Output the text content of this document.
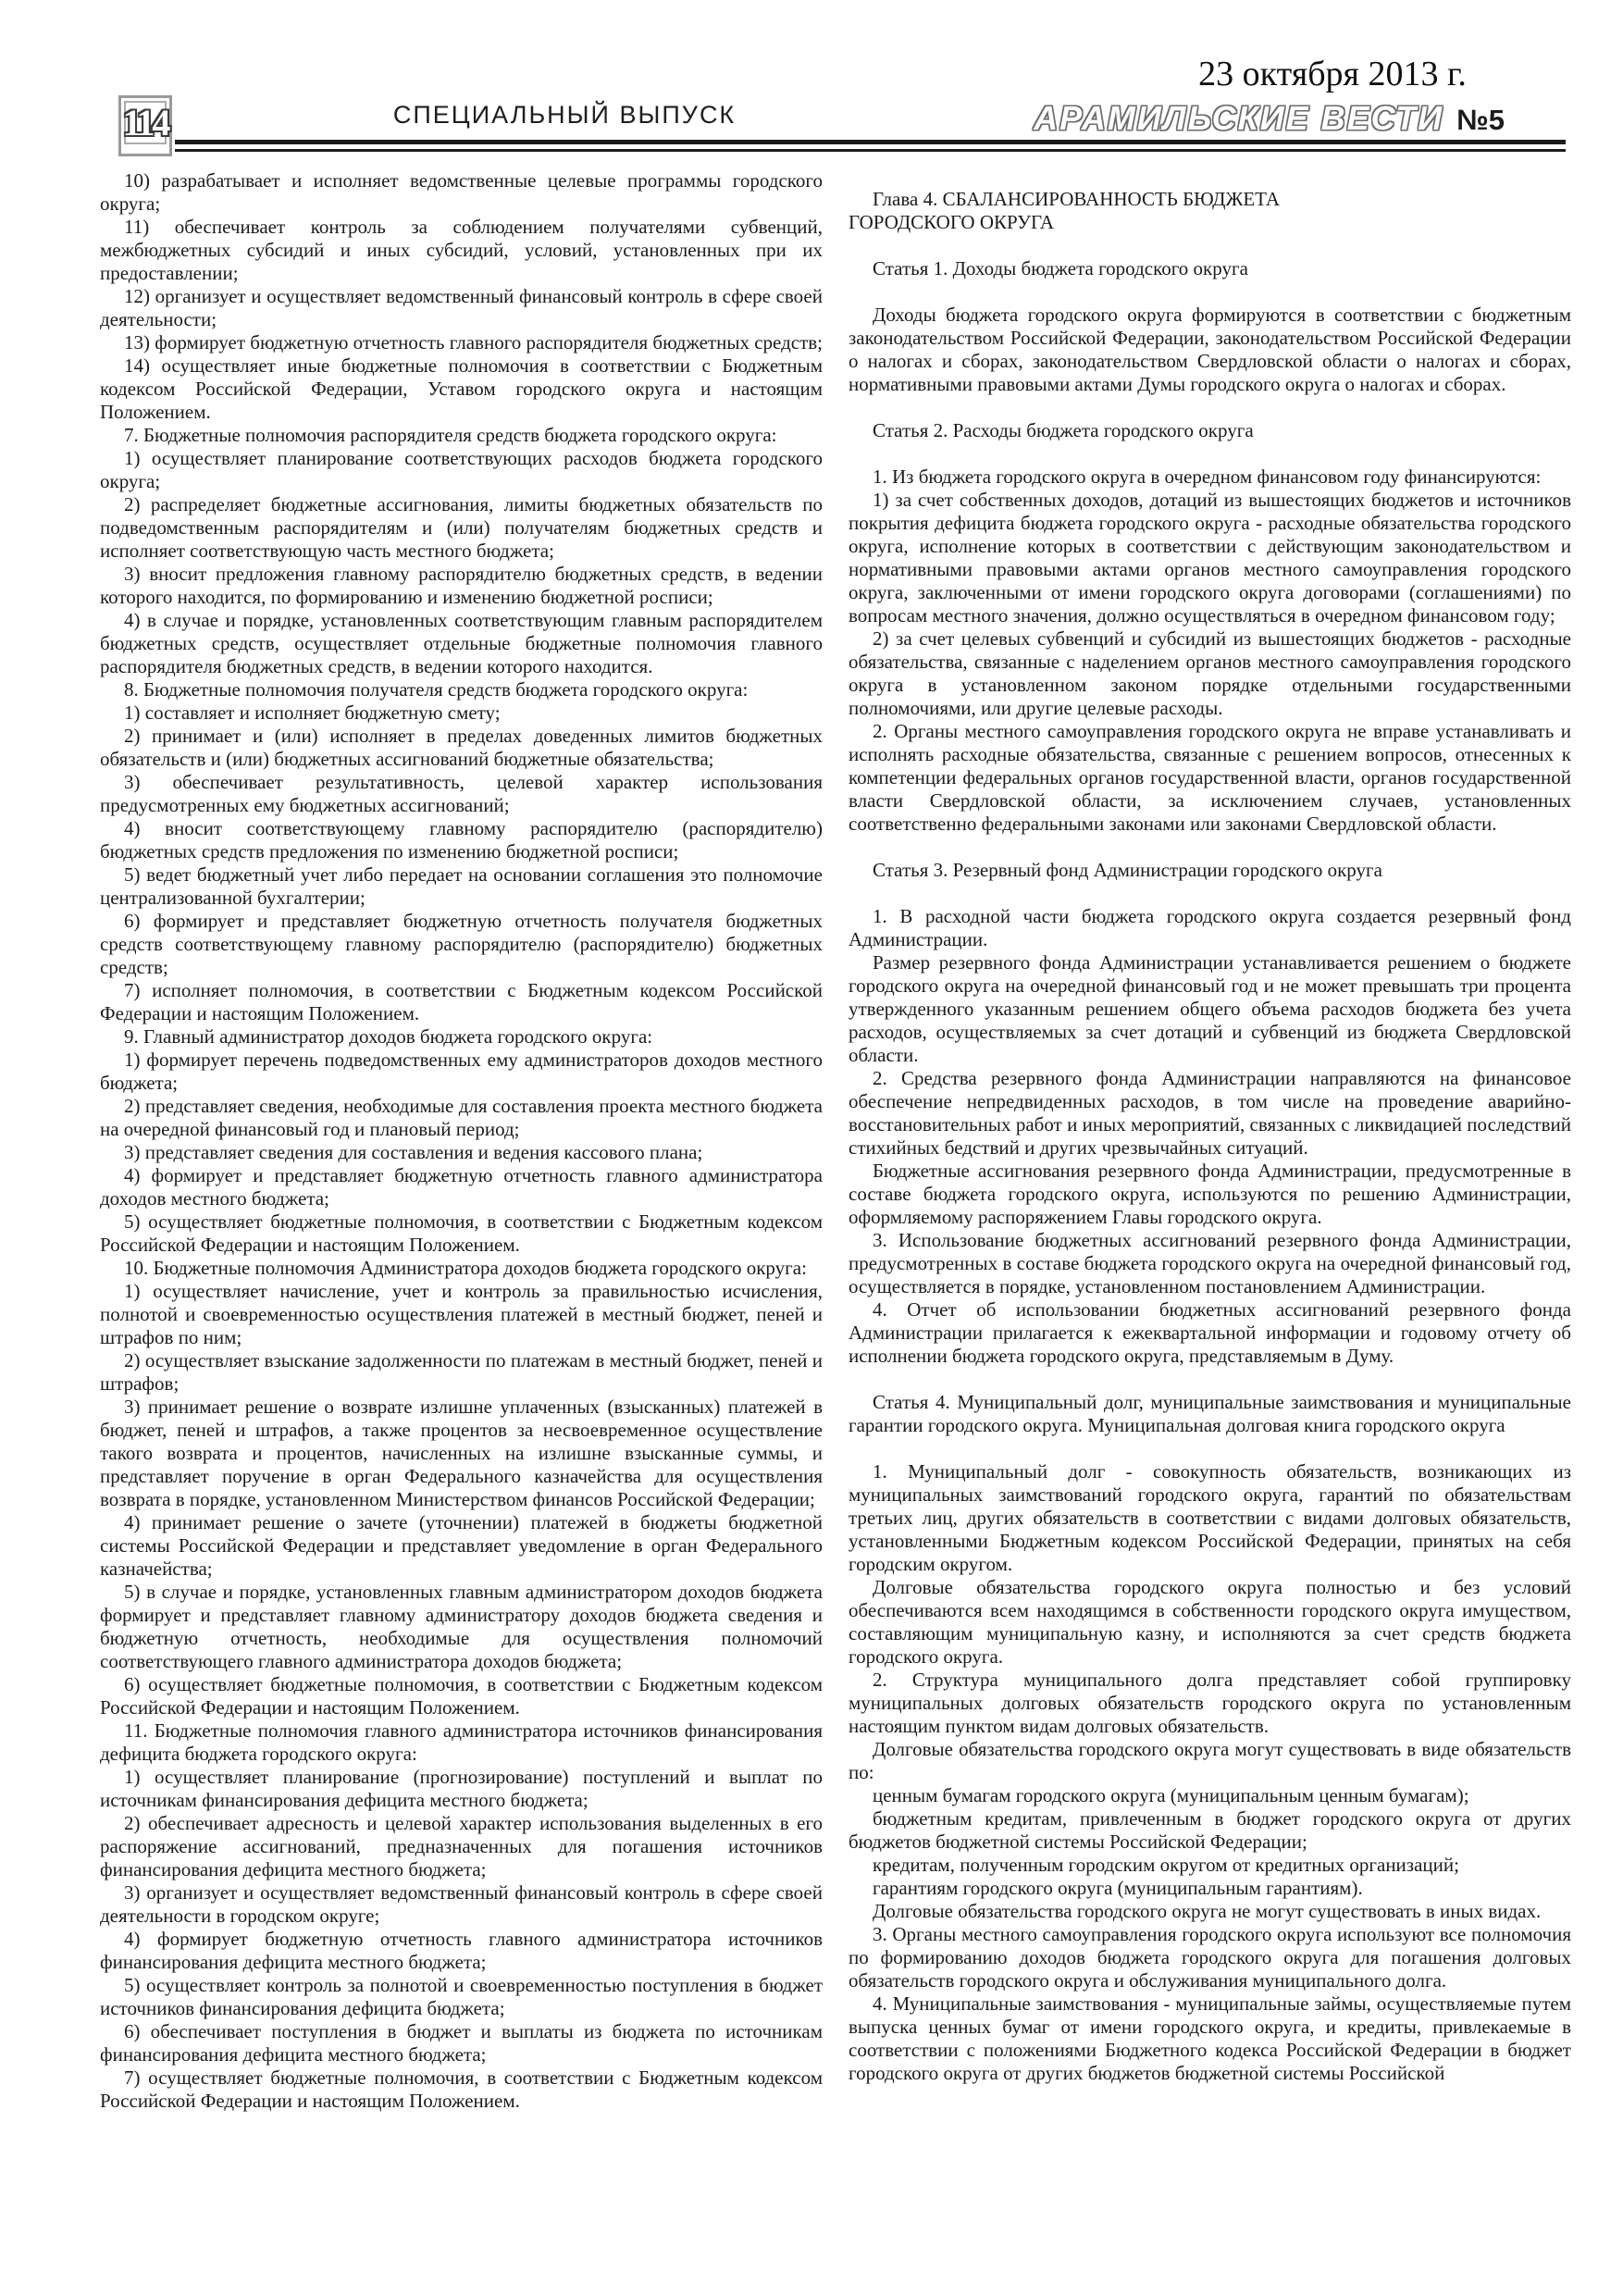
114	СПЕЦИАЛЬНЫЙ ВЫПУСК
23 октября 2013 г.
АРАМИЛЬСКИЕ ВЕСТИ №5

10) разрабатывает и исполняет ведомственные целевые программы городского округа;

11) обеспечивает контроль за соблюдением получателями субвенций, межбюджетных субсидий и иных субсидий, условий, установленных при их предоставлении;

12) организует и осуществляет ведомственный финансовый контроль в сфере своей деятельности;

13) формирует бюджетную отчетность главного распорядителя бюджетных средств;

14) осуществляет иные бюджетные полномочия в соответствии с Бюджетным кодексом Российской Федерации, Уставом городского округа и настоящим Положением.

7. Бюджетные полномочия распорядителя средств бюджета городского округа:

1) осуществляет планирование соответствующих расходов бюджета городского округа;

2) распределяет бюджетные ассигнования, лимиты бюджетных обязательств по подведомственным распорядителям и (или) получателям бюджетных средств и исполняет соответствующую часть местного бюджета;

3) вносит предложения главному распорядителю бюджетных средств, в ведении которого находится, по формированию и изменению бюджетной росписи;

4) в случае и порядке, установленных соответствующим главным распорядителем бюджетных средств, осуществляет отдельные бюджетные полномочия главного распорядителя бюджетных средств, в ведении которого находится.

8. Бюджетные полномочия получателя средств бюджета городского округа:

1) составляет и исполняет бюджетную смету;

2) принимает и (или) исполняет в пределах доведенных лимитов бюджетных обязательств и (или) бюджетных ассигнований бюджетные обязательства;

3) обеспечивает результативность, целевой характер использования предусмотренных ему бюджетных ассигнований;

4) вносит соответствующему главному распорядителю (распорядителю) бюджетных средств предложения по изменению бюджетной росписи;

5) ведет бюджетный учет либо передает на основании соглашения это полномочие централизованной бухгалтерии;

6) формирует и представляет бюджетную отчетность получателя бюджетных средств соответствующему главному распорядителю (распорядителю) бюджетных средств;

7) исполняет полномочия, в соответствии с Бюджетным кодексом Российской Федерации и настоящим Положением.

9. Главный администратор доходов бюджета городского округа:

1) формирует перечень подведомственных ему администраторов доходов местного бюджета;

2) представляет сведения, необходимые для составления проекта местного бюджета на очередной финансовый год и плановый период;

3) представляет сведения для составления и ведения кассового плана;

4) формирует и представляет бюджетную отчетность главного администратора доходов местного бюджета;

5) осуществляет бюджетные полномочия, в соответствии с Бюджетным кодексом Российской Федерации и настоящим Положением.

10. Бюджетные полномочия Администратора доходов бюджета городского округа:

1) осуществляет начисление, учет и контроль за правильностью исчисления, полнотой и своевременностью осуществления платежей в местный бюджет, пеней и штрафов по ним;

2) осуществляет взыскание задолженности по платежам в местный бюджет, пеней и штрафов;

3) принимает решение о возврате излишне уплаченных (взысканных) платежей в бюджет, пеней и штрафов, а также процентов за несвоевременное осуществление такого возврата и процентов, начисленных на излишне взысканные суммы, и представляет поручение в орган Федерального казначейства для осуществления возврата в порядке, установленном Министерством финансов Российской Федерации;

4) принимает решение о зачете (уточнении) платежей в бюджеты бюджетной системы Российской Федерации и представляет уведомление в орган Федерального казначейства;

5) в случае и порядке, установленных главным администратором доходов бюджета формирует и представляет главному администратору доходов бюджета сведения и бюджетную отчетность, необходимые для осуществления полномочий соответствующего главного администратора доходов бюджета;

6) осуществляет бюджетные полномочия, в соответствии с Бюджетным кодексом Российской Федерации и настоящим Положением.

11. Бюджетные полномочия главного администратора источников финансирования дефицита бюджета городского округа:

1) осуществляет планирование (прогнозирование) поступлений и выплат по источникам финансирования дефицита местного бюджета;

2) обеспечивает адресность и целевой характер использования выделенных в его распоряжение ассигнований, предназначенных для погашения источников финансирования дефицита местного бюджета;

3) организует и осуществляет ведомственный финансовый контроль в сфере своей деятельности в городском округе;

4) формирует бюджетную отчетность главного администратора источников финансирования дефицита местного бюджета;

5) осуществляет контроль за полнотой и своевременностью поступления в бюджет источников финансирования дефицита бюджета;

6) обеспечивает поступления в бюджет и выплаты из бюджета по источникам финансирования дефицита местного бюджета;

7) осуществляет бюджетные полномочия, в соответствии с Бюджетным кодексом Российской Федерации и настоящим Положением.

Глава 4. СБАЛАНСИРОВАННОСТЬ БЮДЖЕТА
ГОРОДСКОГО ОКРУГА

Статья 1. Доходы бюджета городского округа

Доходы бюджета городского округа формируются в соответствии с бюджетным законодательством Российской Федерации, законодательством Российской Федерации о налогах и сборах, законодательством Свердловской области о налогах и сборах, нормативными правовыми актами Думы городского округа о налогах и сборах.

Статья 2. Расходы бюджета городского округа

1. Из бюджета городского округа в очередном финансовом году финансируются:

1) за счет собственных доходов, дотаций из вышестоящих бюджетов и источников покрытия дефицита бюджета городского округа - расходные обязательства городского округа, исполнение которых в соответствии с действующим законодательством и нормативными правовыми актами органов местного самоуправления городского округа, заключенными от имени городского округа договорами (соглашениями) по вопросам местного значения, должно осуществляться в очередном финансовом году;

2) за счет целевых субвенций и субсидий из вышестоящих бюджетов - расходные обязательства, связанные с наделением органов местного самоуправления городского округа в установленном законом порядке отдельными государственными полномочиями, или другие целевые расходы.

2. Органы местного самоуправления городского округа не вправе устанавливать и исполнять расходные обязательства, связанные с решением вопросов, отнесенных к компетенции федеральных органов государственной власти, органов государственной власти Свердловской области, за исключением случаев, установленных соответственно федеральными законами или законами Свердловской области.

Статья 3. Резервный фонд Администрации городского округа

1. В расходной части бюджета городского округа создается резервный фонд Администрации.

Размер резервного фонда Администрации устанавливается решением о бюджете городского округа на очередной финансовый год и не может превышать три процента утвержденного указанным решением общего объема расходов бюджета без учета расходов, осуществляемых за счет дотаций и субвенций из бюджета Свердловской области.

2. Средства резервного фонда Администрации направляются на финансовое обеспечение непредвиденных расходов, в том числе на проведение аварийно-восстановительных работ и иных мероприятий, связанных с ликвидацией последствий стихийных бедствий и других чрезвычайных ситуаций.

Бюджетные ассигнования резервного фонда Администрации, предусмотренные в составе бюджета городского округа, используются по решению Администрации, оформляемому распоряжением Главы городского округа.

3. Использование бюджетных ассигнований резервного фонда Администрации, предусмотренных в составе бюджета городского округа на очередной финансовый год, осуществляется в порядке, установленном постановлением Администрации.

4. Отчет об использовании бюджетных ассигнований резервного фонда Администрации прилагается к ежеквартальной информации и годовому отчету об исполнении бюджета городского округа, представляемым в Думу.

Статья 4. Муниципальный долг, муниципальные заимствования и муниципальные гарантии городского округа. Муниципальная долговая книга городского округа

1. Муниципальный долг - совокупность обязательств, возникающих из муниципальных заимствований городского округа, гарантий по обязательствам третьих лиц, других обязательств в соответствии с видами долговых обязательств, установленными Бюджетным кодексом Российской Федерации, принятых на себя городским округом.

Долговые обязательства городского округа полностью и без условий обеспечиваются всем находящимся в собственности городского округа имуществом, составляющим муниципальную казну, и исполняются за счет средств бюджета городского округа.

2. Структура муниципального долга представляет собой группировку муниципальных долговых обязательств городского округа по установленным настоящим пунктом видам долговых обязательств.

Долговые обязательства городского округа могут существовать в виде обязательств по:

ценным бумагам городского округа (муниципальным ценным бумагам);

бюджетным кредитам, привлеченным в бюджет городского округа от других бюджетов бюджетной системы Российской Федерации;

кредитам, полученным городским округом от кредитных организаций;

гарантиям городского округа (муниципальным гарантиям).

Долговые обязательства городского округа не могут существовать в иных видах.

3. Органы местного самоуправления городского округа используют все полномочия по формированию доходов бюджета городского округа для погашения долговых обязательств городского округа и обслуживания муниципального долга.

4. Муниципальные заимствования - муниципальные займы, осуществляемые путем выпуска ценных бумаг от имени городского округа, и кредиты, привлекаемые в соответствии с положениями Бюджетного кодекса Российской Федерации в бюджет городского округа от других бюджетов бюджетной системы Российской
